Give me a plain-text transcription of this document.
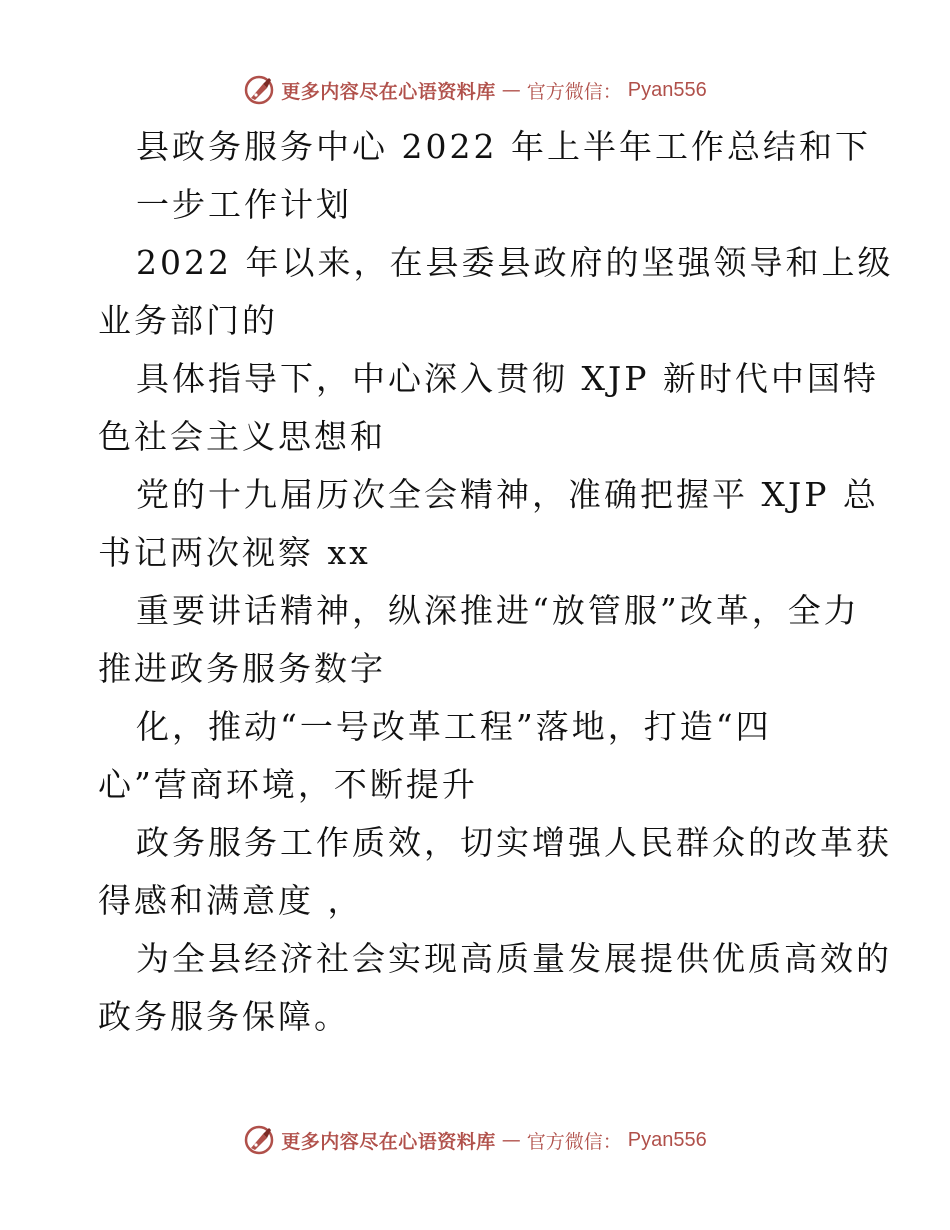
更多内容尽在心语资料库 — 官方微信： Pyan556
县政务服务中心 2022 年上半年工作总结和下
一步工作计划
2022 年以来，在县委县政府的坚强领导和上级
业务部门的
具体指导下，中心深入贯彻 XJP 新时代中国特
色社会主义思想和
党的十九届历次全会精神，准确把握平 XJP 总
书记两次视察 xx
重要讲话精神，纵深推进“放管服”改革，全力
推进政务服务数字
化，推动“一号改革工程”落地，打造“四
心”营商环境，不断提升
政务服务工作质效，切实增强人民群众的改革获
得感和满意度 ，
为全县经济社会实现高质量发展提供优质高效的
政务服务保障。
更多内容尽在心语资料库 — 官方微信： Pyan556
